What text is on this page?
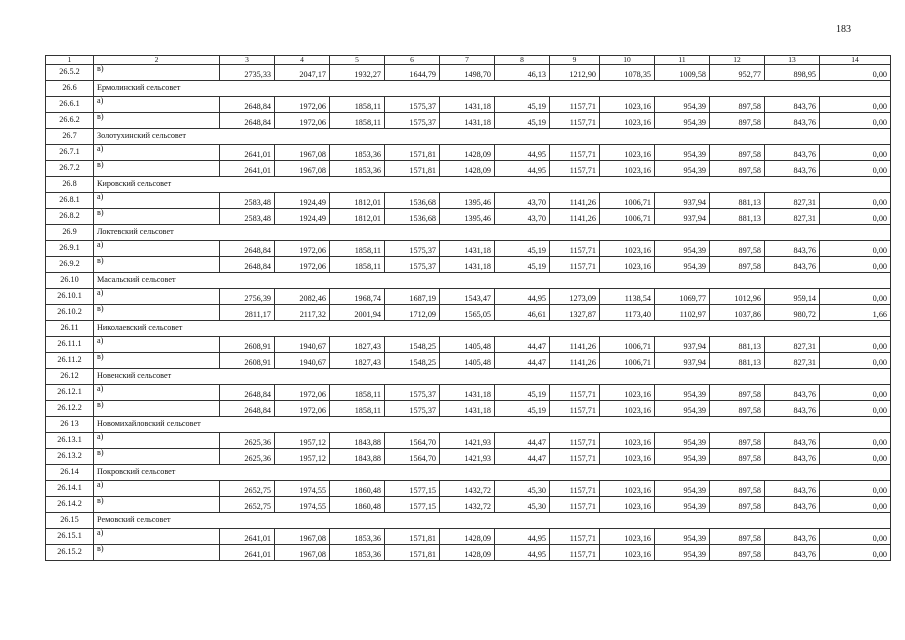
183
1	2	3	4	5	6	7	8	9	10	11	12	13	14
26.5.2	в)	2735,33	2047,17	1932,27	1644,79	1498,70	46,13	1212,90	1078,35	1009,58	952,77	898,95	0,00
26.6	Ермолинский сельсовет												
26.6.1	а)	2648,84	1972,06	1858,11	1575,37	1431,18	45,19	1157,71	1023,16	954,39	897,58	843,76	0,00
26.6.2	в)	2648,84	1972,06	1858,11	1575,37	1431,18	45,19	1157,71	1023,16	954,39	897,58	843,76	0,00
26.7	Золотухинский сельсовет												
26.7.1	а)	2641,01	1967,08	1853,36	1571,81	1428,09	44,95	1157,71	1023,16	954,39	897,58	843,76	0,00
26.7.2	в)	2641,01	1967,08	1853,36	1571,81	1428,09	44,95	1157,71	1023,16	954,39	897,58	843,76	0,00
26.8	Кировский сельсовет												
26.8.1	а)	2583,48	1924,49	1812,01	1536,68	1395,46	43,70	1141,26	1006,71	937,94	881,13	827,31	0,00
26.8.2	в)	2583,48	1924,49	1812,01	1536,68	1395,46	43,70	1141,26	1006,71	937,94	881,13	827,31	0,00
26.9	Локтевский сельсовет												
26.9.1	а)	2648,84	1972,06	1858,11	1575,37	1431,18	45,19	1157,71	1023,16	954,39	897,58	843,76	0,00
26.9.2	в)	2648,84	1972,06	1858,11	1575,37	1431,18	45,19	1157,71	1023,16	954,39	897,58	843,76	0,00
26.10	Масальский сельсовет												
26.10.1	а)	2756,39	2082,46	1968,74	1687,19	1543,47	44,95	1273,09	1138,54	1069,77	1012,96	959,14	0,00
26.10.2	в)	2811,17	2117,32	2001,94	1712,09	1565,05	46,61	1327,87	1173,40	1102,97	1037,86	980,72	1,66
26.11	Николаевский сельсовет												
26.11.1	а)	2608,91	1940,67	1827,43	1548,25	1405,48	44,47	1141,26	1006,71	937,94	881,13	827,31	0,00
26.11.2	в)	2608,91	1940,67	1827,43	1548,25	1405,48	44,47	1141,26	1006,71	937,94	881,13	827,31	0,00
26.12	Новенский сельсовет												
26.12.1	а)	2648,84	1972,06	1858,11	1575,37	1431,18	45,19	1157,71	1023,16	954,39	897,58	843,76	0,00
26.12.2	в)	2648,84	1972,06	1858,11	1575,37	1431,18	45,19	1157,71	1023,16	954,39	897,58	843,76	0,00
26 13	Новомихайловский сельсовет												
26.13.1	а)	2625,36	1957,12	1843,88	1564,70	1421,93	44,47	1157,71	1023,16	954,39	897,58	843,76	0,00
26.13.2	в)	2625,36	1957,12	1843,88	1564,70	1421,93	44,47	1157,71	1023,16	954,39	897,58	843,76	0,00
26.14	Покровский сельсовет												
26.14.1	а)	2652,75	1974,55	1860,48	1577,15	1432,72	45,30	1157,71	1023,16	954,39	897,58	843,76	0,00
26.14.2	в)	2652,75	1974,55	1860,48	1577,15	1432,72	45,30	1157,71	1023,16	954,39	897,58	843,76	0,00
26.15	Ремовский сельсовет												
26.15.1	а)	2641,01	1967,08	1853,36	1571,81	1428,09	44,95	1157,71	1023,16	954,39	897,58	843,76	0,00
26.15.2	в)	2641,01	1967,08	1853,36	1571,81	1428,09	44,95	1157,71	1023,16	954,39	897,58	843,76	0,00
